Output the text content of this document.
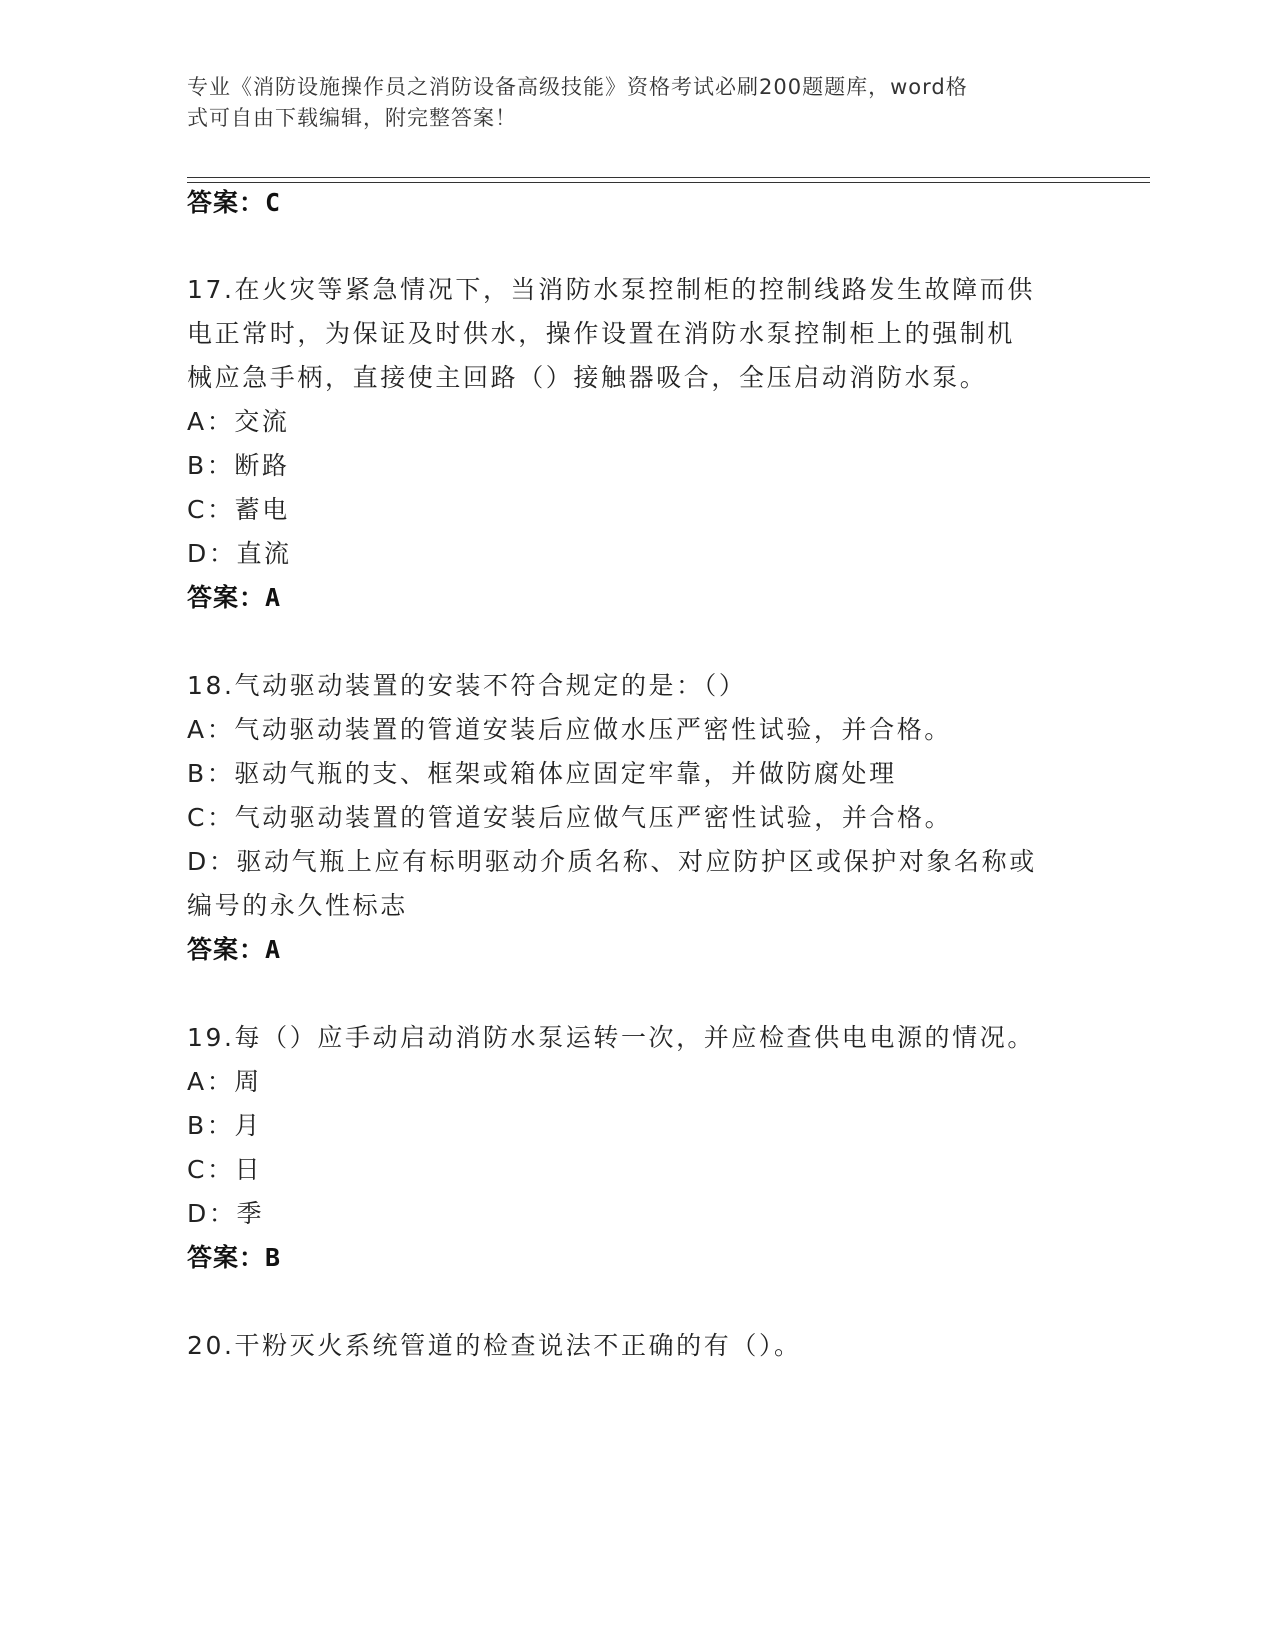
专业《消防设施操作员之消防设备高级技能》资格考试必刷200题题库，word格
式可自由下载编辑，附完整答案！
答案：C
17.在火灾等紧急情况下，当消防水泵控制柜的控制线路发生故障而供
电正常时，为保证及时供水，操作设置在消防水泵控制柜上的强制机
械应急手柄，直接使主回路（）接触器吸合，全压启动消防水泵。
A：交流
B：断路
C：蓄电
D：直流
答案：A
18.气动驱动装置的安装不符合规定的是：（）
A：气动驱动装置的管道安装后应做水压严密性试验，并合格。
B：驱动气瓶的支、框架或箱体应固定牢靠，并做防腐处理
C：气动驱动装置的管道安装后应做气压严密性试验，并合格。
D：驱动气瓶上应有标明驱动介质名称、对应防护区或保护对象名称或
编号的永久性标志
答案：A
19.每（）应手动启动消防水泵运转一次，并应检查供电电源的情况。
A：周
B：月
C：日
D：季
答案：B
20.干粉灭火系统管道的检查说法不正确的有（）。
